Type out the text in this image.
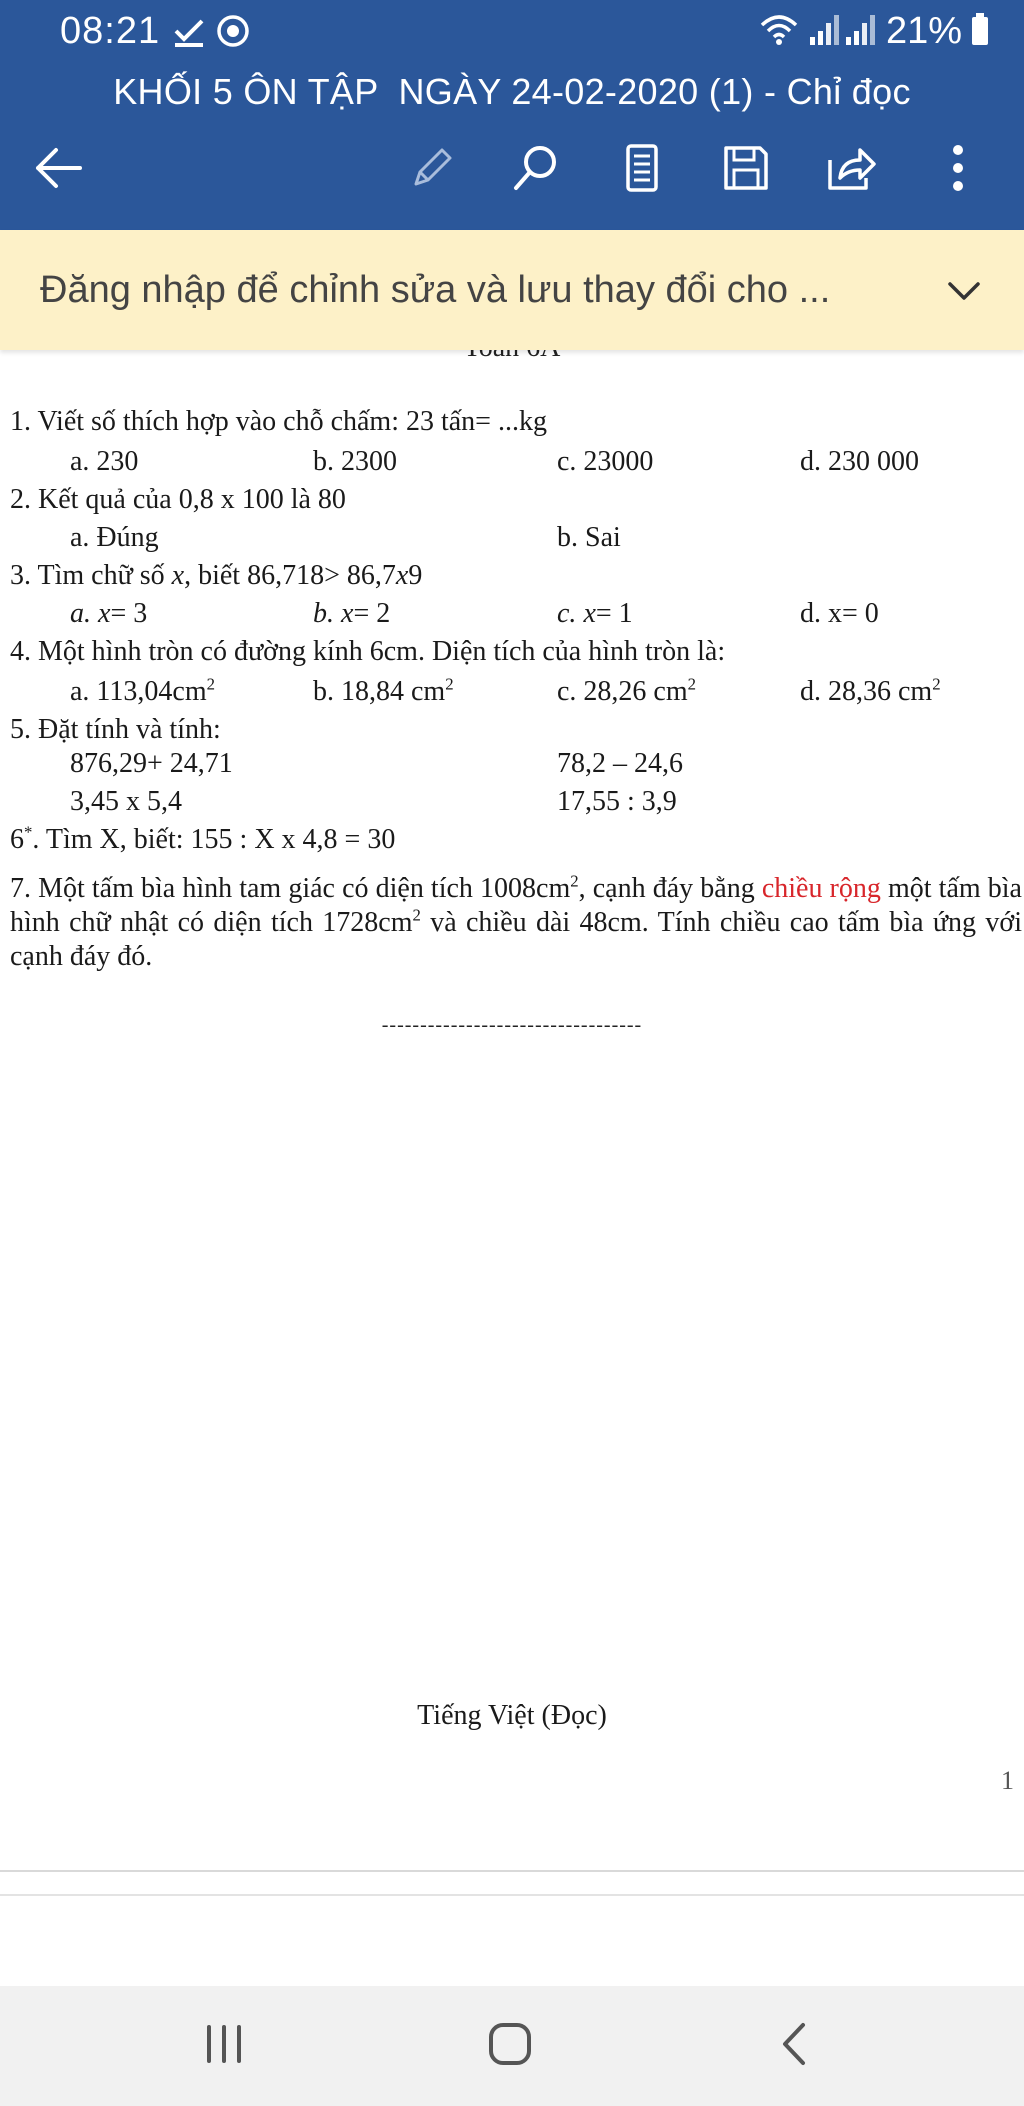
08:21	21%
KHỐI 5 ÔN TẬP  NGÀY 24-02-2020 (1) - Chỉ đọc
Đăng nhập để chỉnh sửa và lưu thay đổi cho ...
1. Viết số thích hợp vào chỗ chấm: 23 tấn= ...kg
a. 230	b. 2300	c. 23000	d. 230 000
2. Kết quả của 0,8 x 100 là 80
a. Đúng	b. Sai
3. Tìm chữ số x, biết 86,718> 86,7x9
a. x= 3	b. x= 2	c. x= 1	d. x= 0
4. Một hình tròn có đường kính 6cm. Diện tích của hình tròn là:
a. $113,04cm^2$	b. 18,84 $cm^2$	c. 28,26 $cm^2$	d. 28,36 $cm^2$
5. Đặt tính và tính:
876,29+ 24,71	78,2 – 24,6
3,45 x 5,4	17,55 : 3,9
6*. Tìm X, biết: 155 : X x 4,8 = 30
7. Một tấm bìa hình tam giác có diện tích $1008cm^2$, cạnh đáy bằng chiều rộng một tấm bìa hình chữ nhật có diện tích $1728cm^2$ và chiều dài 48cm. Tính chiều cao tấm bìa ứng với cạnh đáy đó.
----------------------------------
Tiếng Việt (Đọc)
1
